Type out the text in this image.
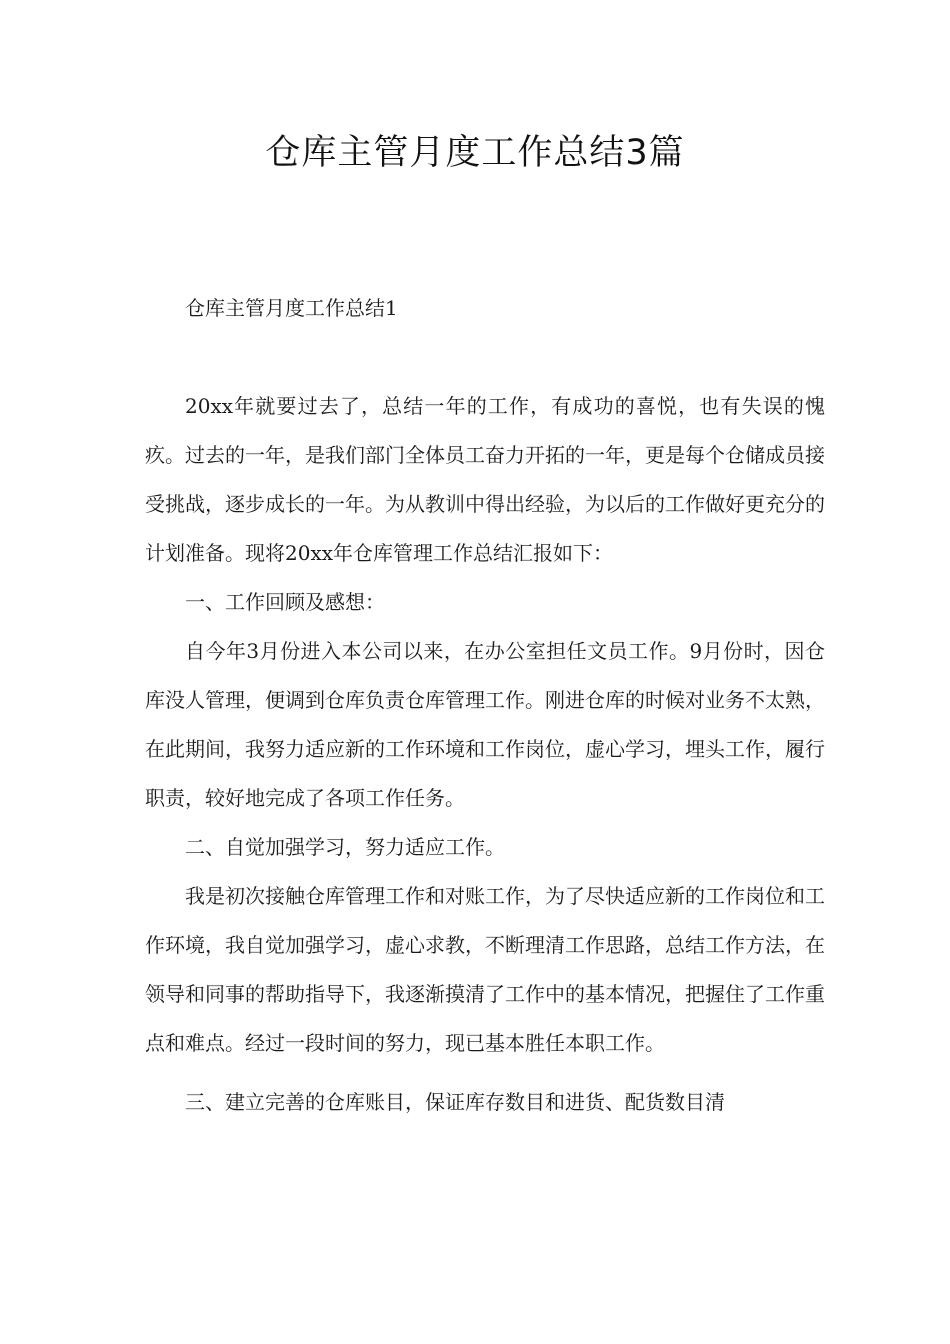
仓库主管月度工作总结3篇

仓库主管月度工作总结1

20xx年就要过去了，总结一年的工作，有成功的喜悦，也有失误的愧疚。过去的一年，是我们部门全体员工奋力开拓的一年，更是每个仓储成员接受挑战，逐步成长的一年。为从教训中得出经验，为以后的工作做好更充分的计划准备。现将20xx年仓库管理工作总结汇报如下：

一、工作回顾及感想：

自今年3月份进入本公司以来，在办公室担任文员工作。9月份时，因仓库没人管理，便调到仓库负责仓库管理工作。刚进仓库的时候对业务不太熟，在此期间，我努力适应新的工作环境和工作岗位，虚心学习，埋头工作，履行职责，较好地完成了各项工作任务。

二、自觉加强学习，努力适应工作。

我是初次接触仓库管理工作和对账工作，为了尽快适应新的工作岗位和工作环境，我自觉加强学习，虚心求教，不断理清工作思路，总结工作方法，在领导和同事的帮助指导下，我逐渐摸清了工作中的基本情况，把握住了工作重点和难点。经过一段时间的努力，现已基本胜任本职工作。

三、建立完善的仓库账目，保证库存数目和进货、配货数目清
